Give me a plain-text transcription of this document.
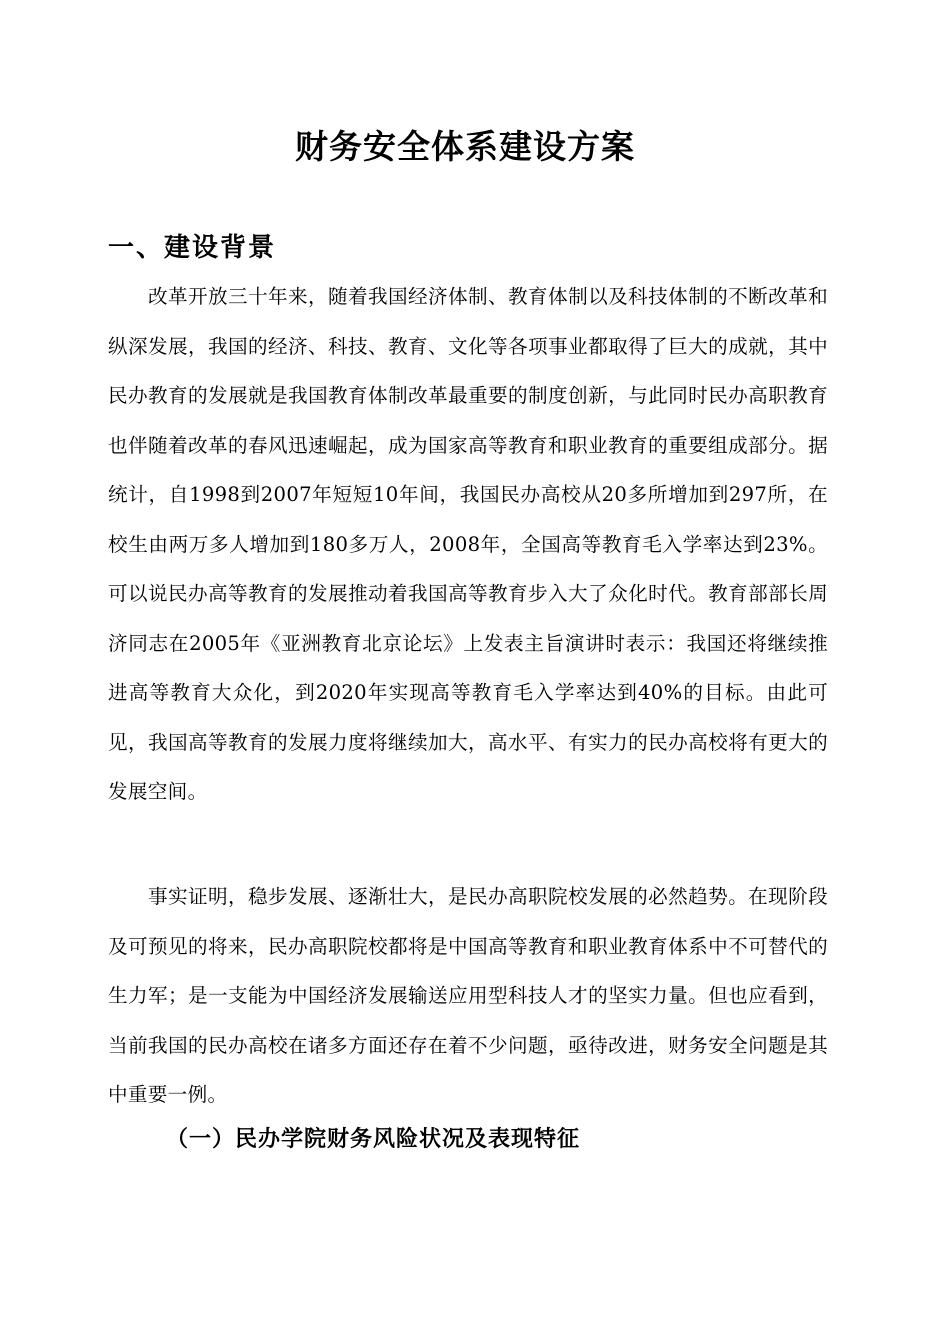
财务安全体系建设方案
一、建设背景

改革开放三十年来，随着我国经济体制、教育体制以及科技体制的不断改革和纵深发展，我国的经济、科技、教育、文化等各项事业都取得了巨大的成就，其中民办教育的发展就是我国教育体制改革最重要的制度创新，与此同时民办高职教育也伴随着改革的春风迅速崛起，成为国家高等教育和职业教育的重要组成部分。据统计，自1998到2007年短短10年间，我国民办高校从20多所增加到297所，在校生由两万多人增加到180多万人，2008年，全国高等教育毛入学率达到23%。可以说民办高等教育的发展推动着我国高等教育步入大了众化时代。教育部部长周济同志在2005年《亚洲教育北京论坛》上发表主旨演讲时表示：我国还将继续推进高等教育大众化，到2020年实现高等教育毛入学率达到40%的目标。由此可见，我国高等教育的发展力度将继续加大，高水平、有实力的民办高校将有更大的发展空间。

事实证明，稳步发展、逐渐壮大，是民办高职院校发展的必然趋势。在现阶段及可预见的将来，民办高职院校都将是中国高等教育和职业教育体系中不可替代的生力军；是一支能为中国经济发展输送应用型科技人才的坚实力量。但也应看到，当前我国的民办高校在诸多方面还存在着不少问题，亟待改进，财务安全问题是其中重要一例。

（一）民办学院财务风险状况及表现特征
